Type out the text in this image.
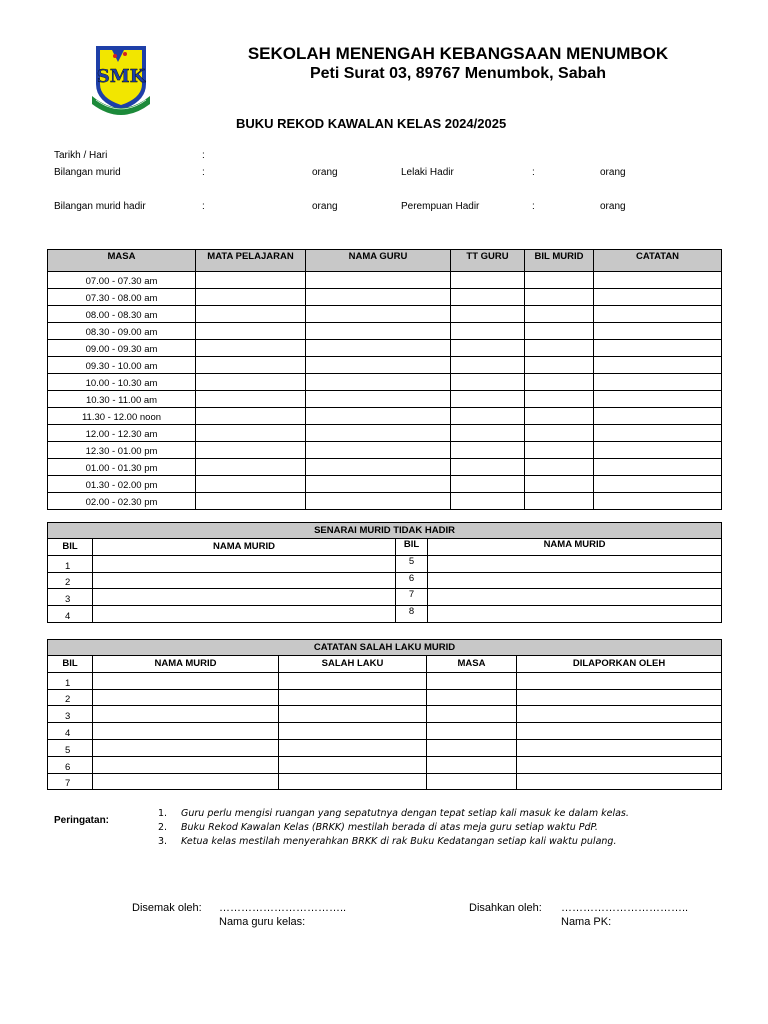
SMK
SEKOLAH MENENGAH KEBANGSAAN MENUMBOK
Peti Surat 03, 89767 Menumbok, Sabah
BUKU REKOD KAWALAN KELAS 2024/2025
Tarikh / Hari	:
Bilangan murid	:	orang	Lelaki Hadir	:	orang
Bilangan murid hadir	:	orang	Perempuan Hadir	:	orang
MASA	MATA PELAJARAN	NAMA GURU	TT GURU	BIL MURID	CATATAN
07.00 - 07.30 am					
07.30 - 08.00 am					
08.00 - 08.30 am					
08.30 - 09.00 am					
09.00 - 09.30 am					
09.30 - 10.00 am					
10.00 - 10.30 am					
10.30 - 11.00 am					
11.30 - 12.00 noon					
12.00 - 12.30 am					
12.30 - 01.00 pm					
01.00 - 01.30 pm					
01.30 - 02.00 pm					
02.00 - 02.30 pm					
SENARAI MURID TIDAK HADIR			
BIL	NAMA MURID	BIL	NAMA MURID
1		5	
2		6	
3		7	
4		8	
CATATAN SALAH LAKU MURID				
BIL	NAMA MURID	SALAH LAKU	MASA	DILAPORKAN OLEH
1				
2				
3				
4				
5				
6				
7				
Peringatan:
1. Guru perlu mengisi ruangan yang sepatutnya dengan tepat setiap kali masuk ke dalam kelas.
2. Buku Rekod Kawalan Kelas (BRKK) mestilah berada di atas meja guru setiap waktu PdP.
3. Ketua kelas mestilah menyerahkan BRKK di rak Buku Kedatangan setiap kali waktu pulang.
Disemak oleh: ……………………………..
Nama guru kelas:
Disahkan oleh: ……………………………..
Nama PK:
